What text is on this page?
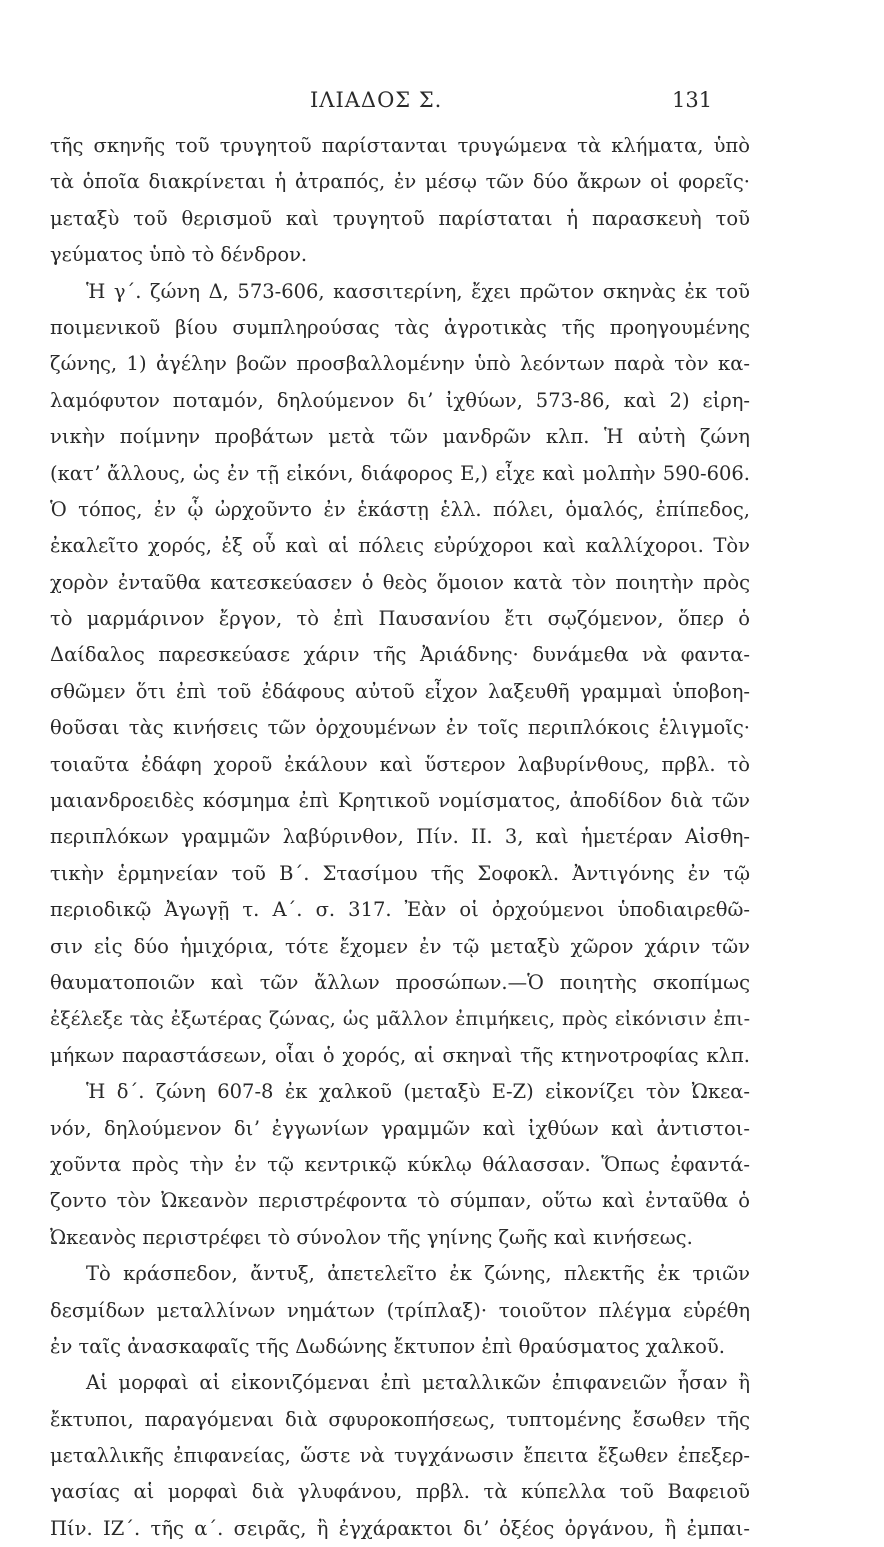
ΙΛΙΑΔΟΣ Σ.	131
τῆς σκηνῆς τοῦ τρυγητοῦ παρίστανται τρυγώμενα τὰ κλήματα, ὑπὸ
τὰ ὁποῖα διακρίνεται ἡ ἀτραπός, ἐν μέσῳ τῶν δύο ἄκρων οἱ φορεῖς·
μεταξὺ τοῦ θερισμοῦ καὶ τρυγητοῦ παρίσταται ἡ παρασκευὴ τοῦ
γεύματος ὑπὸ τὸ δένδρον.
Ἡ γ΄. ζώνη Δ, 573-606, κασσιτερίνη, ἔχει πρῶτον σκηνὰς ἐκ τοῦ
ποιμενικοῦ βίου συμπληρούσας τὰς ἀγροτικὰς τῆς προηγουμένης
ζώνης, 1) ἀγέλην βοῶν προσβαλλομένην ὑπὸ λεόντων παρὰ τὸν κα-
λαμόφυτον ποταμόν, δηλούμενον διʼ ἰχθύων, 573-86, καὶ 2) εἰρη-
νικὴν ποίμνην προβάτων μετὰ τῶν μανδρῶν κλπ. Ἡ αὐτὴ ζώνη
(κατʼ ἄλλους, ὡς ἐν τῇ εἰκόνι, διάφορος Ε,) εἶχε καὶ μολπὴν 590-606.
Ὁ τόπος, ἐν ᾧ ὠρχοῦντο ἐν ἑκάστῃ ἑλλ. πόλει, ὁμαλός, ἐπίπεδος,
ἐκαλεῖτο χορός, ἐξ οὗ καὶ αἱ πόλεις εὐρύχοροι καὶ καλλίχοροι. Τὸν
χορὸν ἐνταῦθα κατεσκεύασεν ὁ θεὸς ὅμοιον κατὰ τὸν ποιητὴν πρὸς
τὸ μαρμάρινον ἔργον, τὸ ἐπὶ Παυσανίου ἔτι σῳζόμενον, ὅπερ ὁ
Δαίδαλος παρεσκεύασε χάριν τῆς Ἀριάδνης· δυνάμεθα νὰ φαντα-
σθῶμεν ὅτι ἐπὶ τοῦ ἐδάφους αὐτοῦ εἶχον λαξευθῆ γραμμαὶ ὑποβοη-
θοῦσαι τὰς κινήσεις τῶν ὀρχουμένων ἐν τοῖς περιπλόκοις ἑλιγμοῖς·
τοιαῦτα ἐδάφη χοροῦ ἐκάλουν καὶ ὕστερον λαβυρίνθους, πρβλ. τὸ
μαιανδροειδὲς κόσμημα ἐπὶ Κρητικοῦ νομίσματος, ἀποδίδον διὰ τῶν
περιπλόκων γραμμῶν λαβύρινθον, Πίν. ΙΙ. 3, καὶ ἡμετέραν Αἰσθη-
τικὴν ἑρμηνείαν τοῦ Β΄. Στασίμου τῆς Σοφοκλ. Ἀντιγόνης ἐν τῷ
περιοδικῷ Ἀγωγῇ τ. Α΄. σ. 317. Ἐὰν οἱ ὀρχούμενοι ὑποδιαιρεθῶ-
σιν εἰς δύο ἡμιχόρια, τότε ἔχομεν ἐν τῷ μεταξὺ χῶρον χάριν τῶν
θαυματοποιῶν καὶ τῶν ἄλλων προσώπων.—Ὁ ποιητὴς σκοπίμως
ἐξέλεξε τὰς ἐξωτέρας ζώνας, ὡς μᾶλλον ἐπιμήκεις, πρὸς εἰκόνισιν ἐπι-
μήκων παραστάσεων, οἷαι ὁ χορός, αἱ σκηναὶ τῆς κτηνοτροφίας κλπ.
Ἡ δ΄. ζώνη 607-8 ἐκ χαλκοῦ (μεταξὺ Ε-Ζ) εἰκονίζει τὸν Ὠκεα-
νόν, δηλούμενον διʼ ἐγγωνίων γραμμῶν καὶ ἰχθύων καὶ ἀντιστοι-
χοῦντα πρὸς τὴν ἐν τῷ κεντρικῷ κύκλῳ θάλασσαν. Ὅπως ἐφαντά-
ζοντο τὸν Ὠκεανὸν περιστρέφοντα τὸ σύμπαν, οὕτω καὶ ἐνταῦθα ὁ
Ὠκεανὸς περιστρέφει τὸ σύνολον τῆς γηίνης ζωῆς καὶ κινήσεως.
Τὸ κράσπεδον, ἄντυξ, ἀπετελεῖτο ἐκ ζώνης, πλεκτῆς ἐκ τριῶν
δεσμίδων μεταλλίνων νημάτων (τρίπλαξ)· τοιοῦτον πλέγμα εὑρέθη
ἐν ταῖς ἀνασκαφαῖς τῆς Δωδώνης ἔκτυπον ἐπὶ θραύσματος χαλκοῦ.
Αἱ μορφαὶ αἱ εἰκονιζόμεναι ἐπὶ μεταλλικῶν ἐπιφανειῶν ἦσαν ἢ
ἔκτυποι, παραγόμεναι διὰ σφυροκοπήσεως, τυπτομένης ἔσωθεν τῆς
μεταλλικῆς ἐπιφανείας, ὥστε νὰ τυγχάνωσιν ἔπειτα ἔξωθεν ἐπεξερ-
γασίας αἱ μορφαὶ διὰ γλυφάνου, πρβλ. τὰ κύπελλα τοῦ Βαφειοῦ
Πίν. ΙΖ΄. τῆς α΄. σειρᾶς, ἢ ἐγχάρακτοι διʼ ὀξέος ὀργάνου, ἢ ἐμπαι-
